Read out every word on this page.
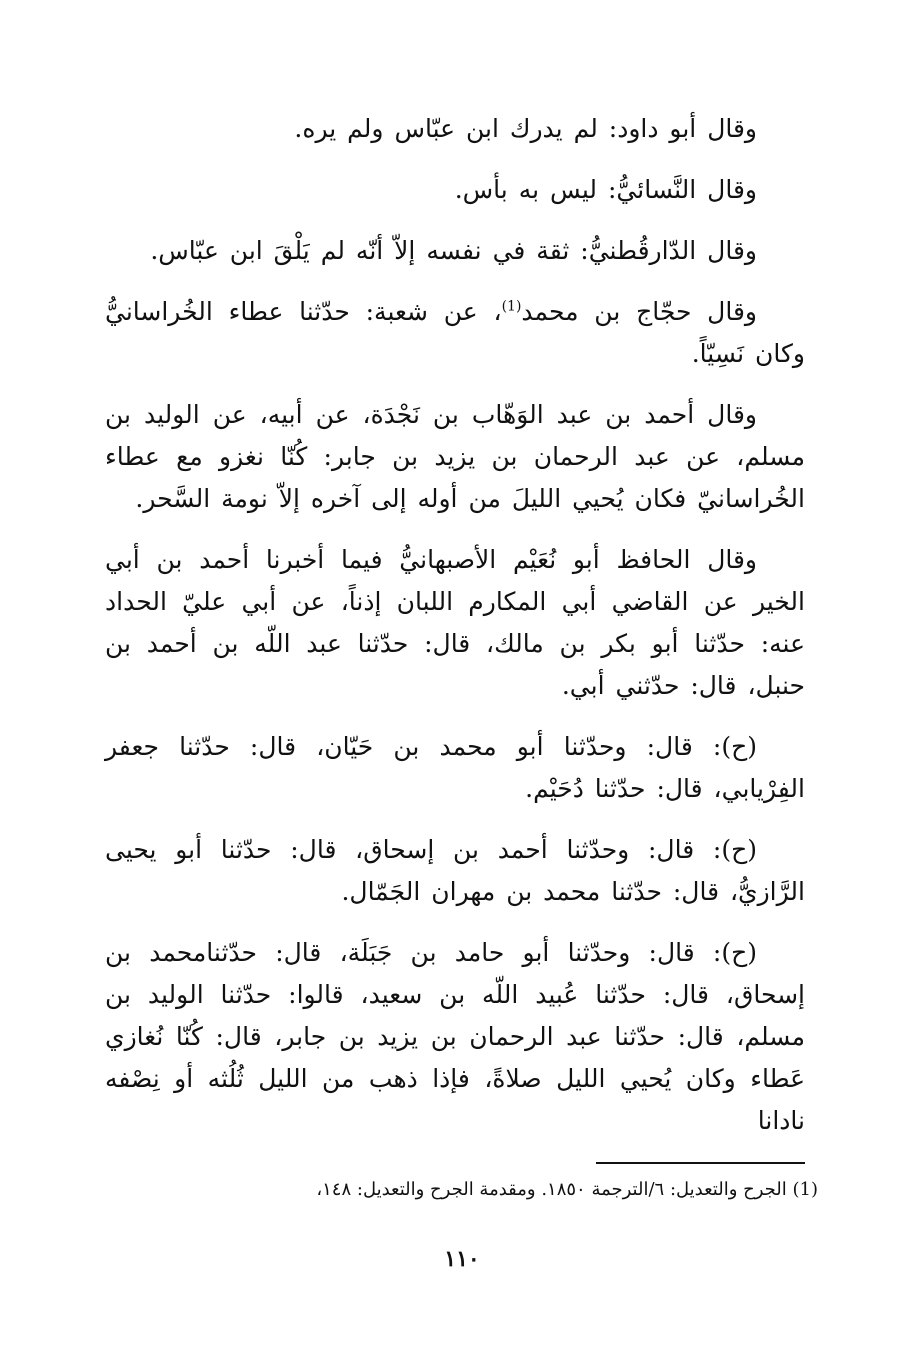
وقال أبو داود: لم يدرك ابن عبّاس ولم يره.

وقال النَّسائيُّ: ليس به بأس.

وقال الدّارقُطنيُّ: ثقة في نفسه إلاّ أنّه لم يَلْقَ ابن عبّاس.

وقال حجّاج بن محمد$^{(1)}$، عن شعبة: حدّثنا عطاء الخُراسانيُّ وكان نَسِيّاً.

وقال أحمد بن عبد الوَهّاب بن نَجْدَة، عن أبيه، عن الوليد بن مسلم، عن عبد الرحمان بن يزيد بن جابر: كُنّا نغزو مع عطاء الخُراسانيّ فكان يُحيي الليلَ من أوله إلى آخره إلاّ نومة السَّحر.

وقال الحافظ أبو نُعَيْم الأصبهانيُّ فيما أخبرنا أحمد بن أبي الخير عن القاضي أبي المكارم اللبان إذناً، عن أبي عليّ الحداد عنه: حدّثنا أبو بكر بن مالك، قال: حدّثنا عبد اللّه بن أحمد بن حنبل، قال: حدّثني أبي.

(ح): قال: وحدّثنا أبو محمد بن حَيّان، قال: حدّثنا جعفر الفِرْيابي، قال: حدّثنا دُحَيْم.

(ح): قال: وحدّثنا أحمد بن إسحاق، قال: حدّثنا أبو يحيى الرَّازيُّ، قال: حدّثنا محمد بن مهران الجَمّال.

(ح): قال: وحدّثنا أبو حامد بن جَبَلَة، قال: حدّثنامحمد بن إسحاق، قال: حدّثنا عُبيد اللّه بن سعيد، قالوا: حدّثنا الوليد بن مسلم، قال: حدّثنا عبد الرحمان بن يزيد بن جابر، قال: كُنّا نُغازي عَطاء وكان يُحيي الليل صلاةً، فإذا ذهب من الليل ثُلُثه أو نِصْفه نادانا

(1) الجرح والتعديل: ٦/الترجمة ١٨٥٠. ومقدمة الجرح والتعديل: ١٤٨،
١١٠
